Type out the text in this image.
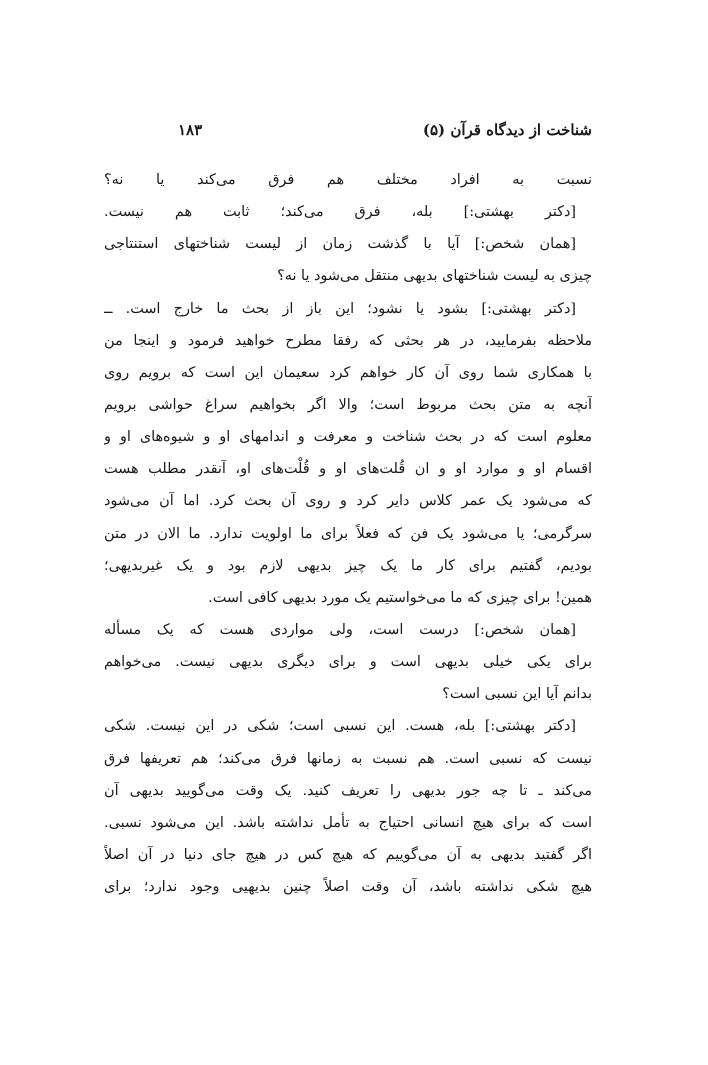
شناخت از دیدگاه قرآن (۵)
۱۸۳
نسبت به افراد مختلف هم فرق می‌کند یا نه؟
[دکتر بهشتی:] بله، فرق می‌کند؛ ثابت هم نیست.
[همان شخص:] آیا با گذشت زمان از لیست شناختهای استنتاجی
چیزی به لیست شناختهای بدیهی منتقل می‌شود یا نه؟
[دکتر بهشتی:] بشود یا نشود؛ این باز از بحث ما خارج است. ــ
ملاحظه بفرمایید، در هر بحثی که رفقا مطرح خواهید فرمود و اینجا من
با همکاری شما روی آن کار خواهم کرد سعیمان این است که برویم روی
آنچه به متن بحث مربوط است؛ والا اگر بخواهیم سراغ حواشی برویم
معلوم است که در بحث شناخت و معرفت و اندامهای او و شیوه‌های او و
اقسام او و موارد او و ان قُلت‌های او و قُلْت‌های او، آنقدر مطلب هست
که می‌شود یک عمر کلاس دایر کرد و روی آن بحث کرد. اما آن می‌شود
سرگرمی؛ یا می‌شود یک فن که فعلاً برای ما اولویت ندارد. ما الان در متن
بودیم، گفتیم برای کار ما یک چیز بدیهی لازم بود و یک غیربدیهی؛
همین! برای چیزی که ما می‌خواستیم یک مورد بدیهی کافی است.
[همان شخص:] درست است، ولی مواردی هست که یک مسأله
برای یکی خیلی بدیهی است و برای دیگری بدیهی نیست. می‌خواهم
بدانم آیا این نسبی است؟
[دکتر بهشتی:] بله، هست. این نسبی است؛ شکی در این نیست. شکی
نیست که نسبی است. هم نسبت به زمانها فرق می‌کند؛ هم تعریفها فرق
می‌کند ـ تا چه جور بدیهی را تعریف کنید. یک وقت می‌گویید بدیهی آن
است که برای هیچ انسانی احتیاج به تأمل نداشته باشد. این می‌شود نسبی.
اگر گفتید بدیهی به آن می‌گوییم که هیچ کس در هیچ جای دنیا در آن اصلاً
هیچ شکی نداشته باشد، آن وقت اصلاً چنین بدیهیی وجود ندارد؛ برای
